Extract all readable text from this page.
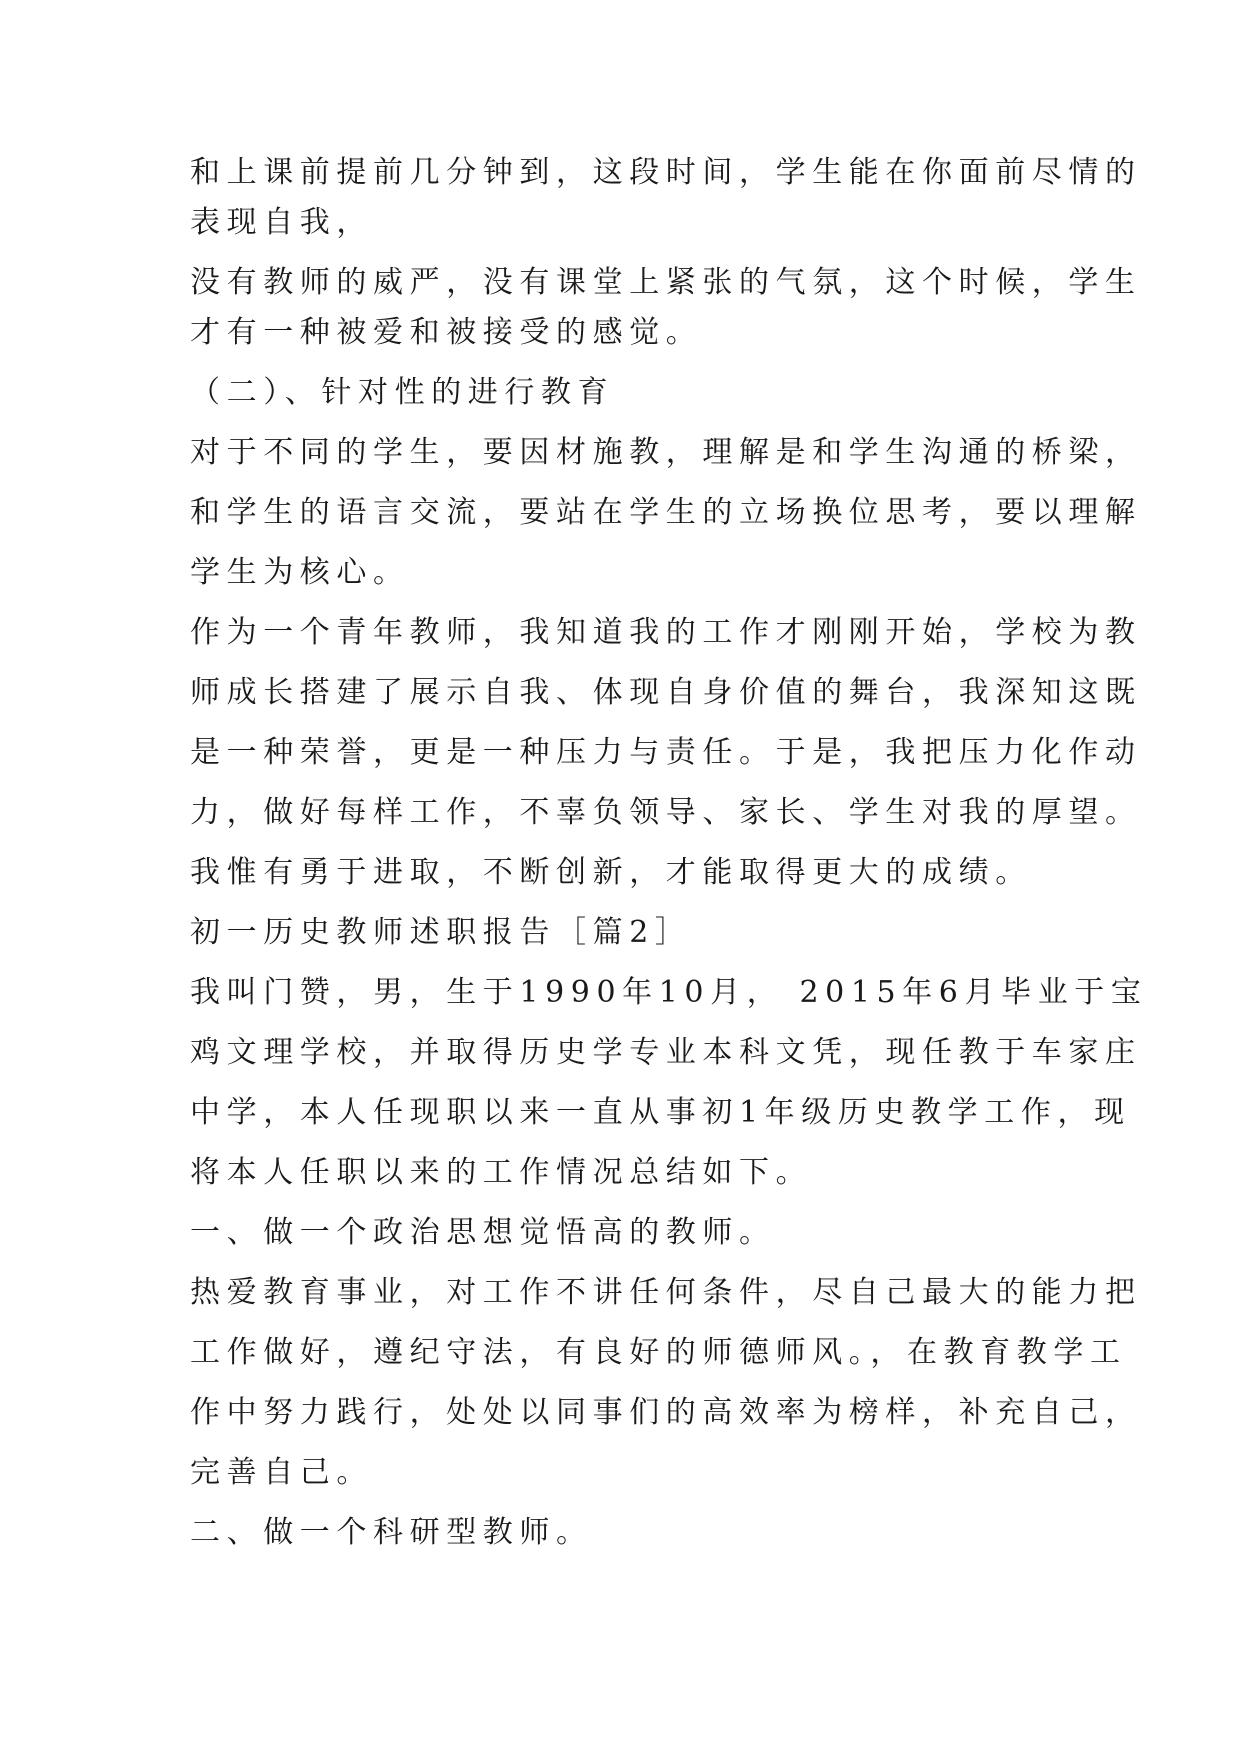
和上课前提前几分钟到，这段时间，学生能在你面前尽情的
表现自我，
没有教师的威严，没有课堂上紧张的气氛，这个时候，学生
才有一种被爱和被接受的感觉。
（二）、针对性的进行教育
对于不同的学生，要因材施教，理解是和学生沟通的桥梁，
和学生的语言交流，要站在学生的立场换位思考，要以理解
学生为核心。
作为一个青年教师，我知道我的工作才刚刚开始，学校为教
师成长搭建了展示自我、体现自身价值的舞台，我深知这既
是一种荣誉，更是一种压力与责任。于是，我把压力化作动
力，做好每样工作，不辜负领导、家长、学生对我的厚望。
我惟有勇于进取，不断创新，才能取得更大的成绩。
初一历史教师述职报告［篇2］
我叫门赞，男，生于1990年10月， 2015年6月毕业于宝
鸡文理学校，并取得历史学专业本科文凭，现任教于车家庄
中学，本人任现职以来一直从事初1年级历史教学工作，现
将本人任职以来的工作情况总结如下。
一、做一个政治思想觉悟高的教师。
热爱教育事业，对工作不讲任何条件，尽自己最大的能力把
工作做好，遵纪守法，有良好的师德师风。，在教育教学工
作中努力践行，处处以同事们的高效率为榜样，补充自己，
完善自己。
二、做一个科研型教师。
